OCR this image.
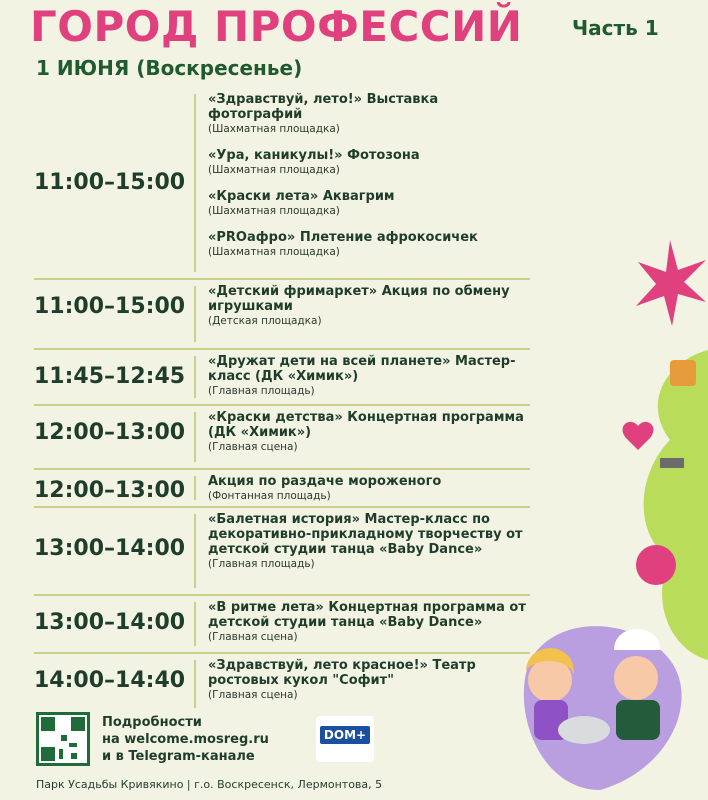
ГОРОД ПРОФЕССИЙ
1 ИЮНЯ (Воскресенье)
Часть 1
11:00–15:00
«Здравствуй, лето!» Выставка фотографий
(Шахматная площадка)
«Ура, каникулы!» Фотозона
(Шахматная площадка)
«Краски лета» Аквагрим
(Шахматная площадка)
«PROафро» Плетение афрокосичек
(Шахматная площадка)
11:00–15:00
«Детский фримаркет» Акция по обмену игрушками
(Детская площадка)
11:45–12:45
«Дружат дети на всей планете» Мастер-класс (ДК «Химик»)
(Главная площадь)
12:00–13:00
«Краски детства» Концертная программа (ДК «Химик»)
(Главная сцена)
12:00–13:00 Акция по раздаче мороженого
(Фонтанная площадь)
13:00–14:00
«Балетная история» Мастер-класс по декоративно-прикладному творчеству от детской студии танца «Baby Dance»
(Главная площадь)
13:00–14:00
«В ритме лета» Концертная программа от детской студии танца «Baby Dance»
(Главная сцена)
14:00–14:40
«Здравствуй, лето красное!» Театр ростовых кукол "Софит"
(Главная сцена)
Подробности
на welcome.mosreg.ru
и в Telegram-канале
DOM+

Парк Усадьбы Кривякино | г.о. Воскресенск, Лермонтова, 5
